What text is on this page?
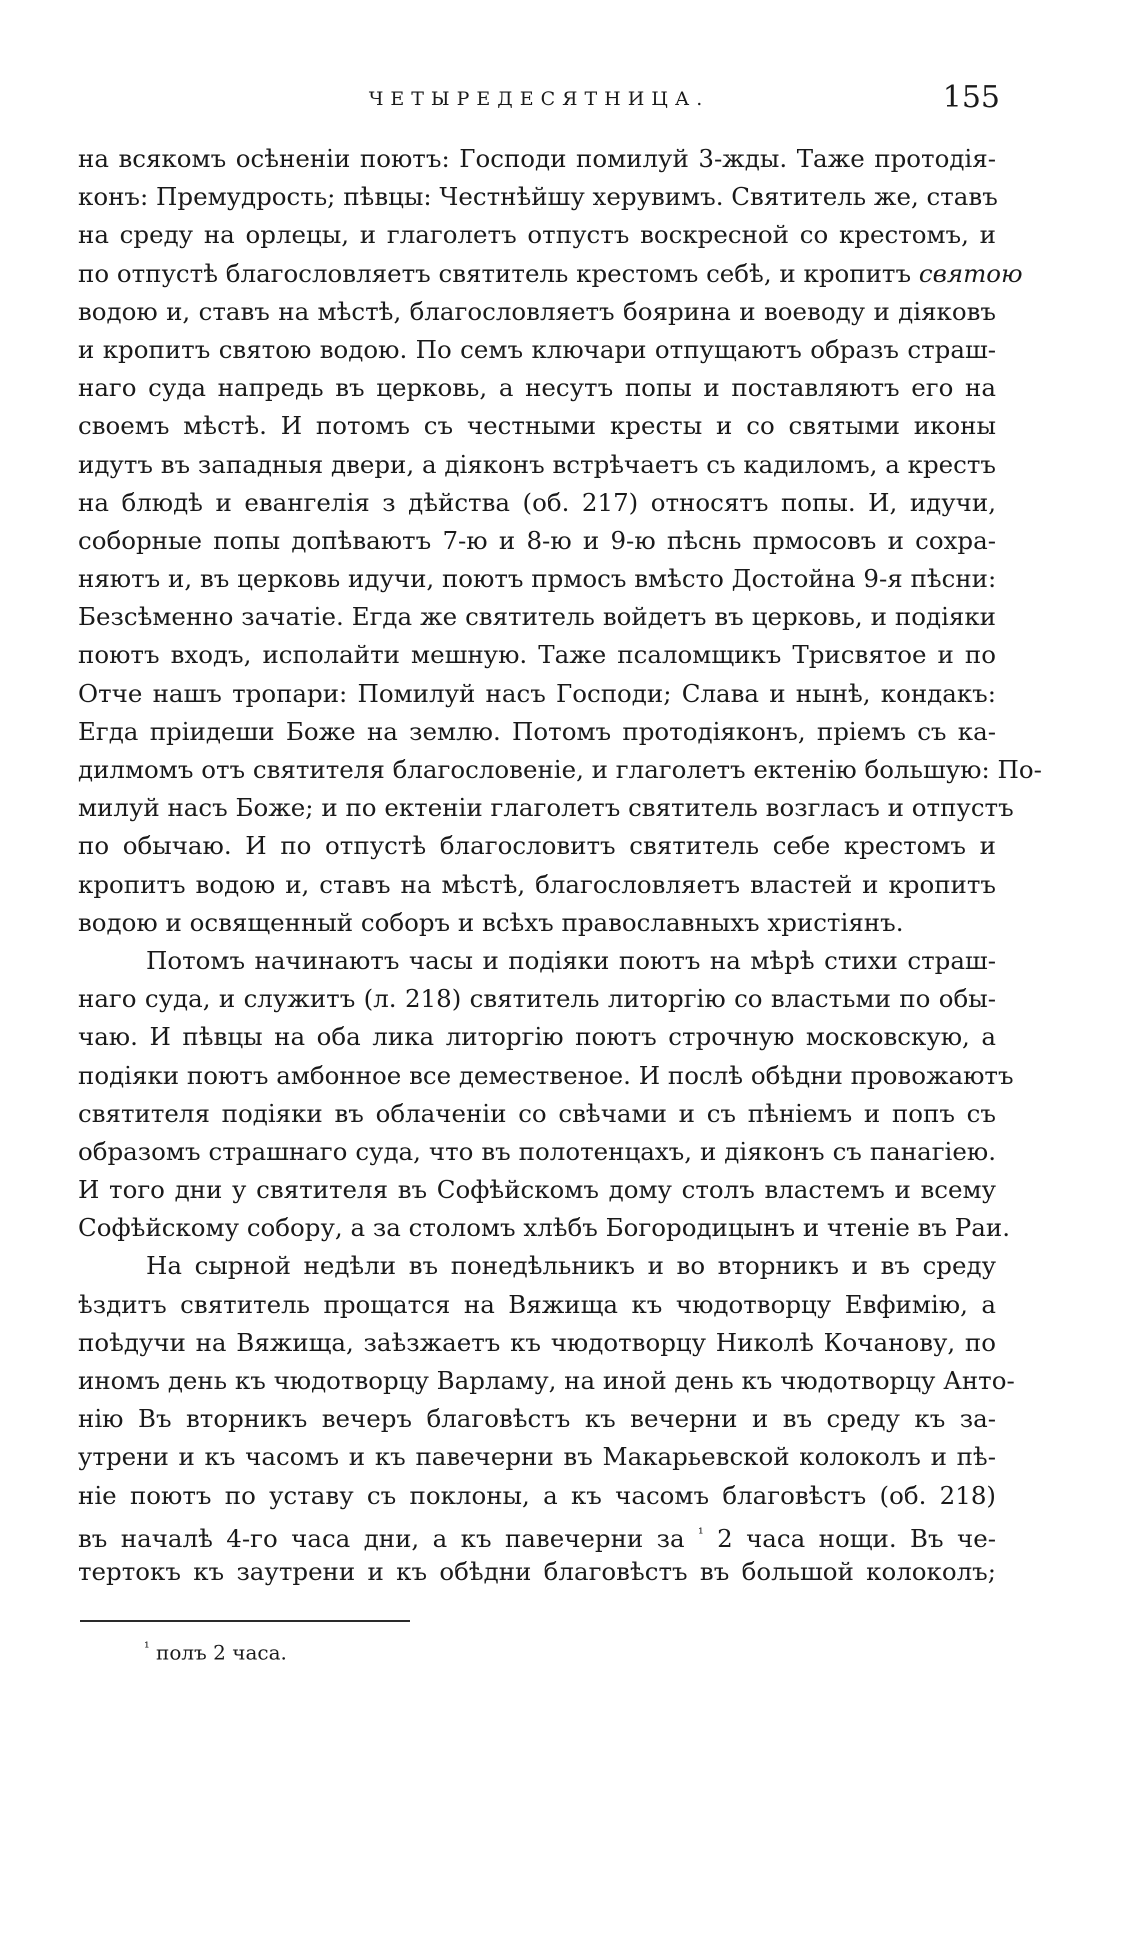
ЧЕТЫРЕДЕСЯТНИЦА.	155
на всякомъ осѣненіи поютъ: Господи помилуй 3-жды. Таже протодія-
конъ: Премудрость; пѣвцы: Честнѣйшу херувимъ. Святитель же, ставъ
на среду на орлецы, и глаголетъ отпустъ воскресной со крестомъ, и
по отпустѣ благословляетъ святитель крестомъ себѣ, и кропитъ святою
водою и, ставъ на мѣстѣ, благословляетъ боярина и воеводу и діяковъ
и кропитъ святою водою. По семъ ключари отпущаютъ образъ страш-
наго суда напредь въ церковь, а несутъ попы и поставляютъ его на
своемъ мѣстѣ. И потомъ съ честными кресты и со святыми иконы
идутъ въ западныя двери, а діяконъ встрѣчаетъ съ кадиломъ, а крестъ
на блюдѣ и евангелія з дѣйства (об. 217) относятъ попы. И, идучи,
соборные попы допѣваютъ 7-ю и 8-ю и 9-ю пѣснь прмосовъ и сохра-
няютъ и, въ церковь идучи, поютъ прмосъ вмѣсто Достойна 9-я пѣсни:
Безсѣменно зачатіе. Егда же святитель войдетъ въ церковь, и подіяки
поютъ входъ, исполайти мешную. Таже псаломщикъ Трисвятое и по
Отче нашъ тропари: Помилуй насъ Господи; Слава и нынѣ, кондакъ:
Егда пріидеши Боже на землю. Потомъ протодіяконъ, пріемъ съ ка-
дилмомъ отъ святителя благословеніе, и глаголетъ ектенію большую: По-
милуй насъ Боже; и по ектеніи глаголетъ святитель возгласъ и отпустъ
по обычаю. И по отпустѣ благословитъ святитель себе крестомъ и
кропитъ водою и, ставъ на мѣстѣ, благословляетъ властей и кропитъ
водою и освященный соборъ и всѣхъ православныхъ христіянъ.
Потомъ начинаютъ часы и подіяки поютъ на мѣрѣ стихи страш-
наго суда, и служитъ (л. 218) святитель литоргію со властьми по обы-
чаю. И пѣвцы на оба лика литоргію поютъ строчную московскую, а
подіяки поютъ амбонное все демественое. И послѣ обѣдни провожаютъ
святителя подіяки въ облаченіи со свѣчами и съ пѣніемъ и попъ съ
образомъ страшнаго суда, что въ полотенцахъ, и діяконъ съ панагіею.
И того дни у святителя въ Софѣйскомъ дому столъ властемъ и всему
Софѣйскому собору, а за столомъ хлѣбъ Богородицынъ и чтеніе въ Раи.
На сырной недѣли въ понедѣльникъ и во вторникъ и въ среду
ѣздитъ святитель прощатся на Вяжища къ чюдотворцу Евфимію, а
поѣдучи на Вяжища, заѣзжаетъ къ чюдотворцу Николѣ Кочанову, по
иномъ день къ чюдотворцу Варламу, на иной день къ чюдотворцу Анто-
нію Въ вторникъ вечеръ благовѣстъ къ вечерни и въ среду къ за-
утрени и къ часомъ и къ павечерни въ Макарьевской колоколъ и пѣ-
ніе поютъ по уставу съ поклоны, а къ часомъ благовѣстъ (об. 218)
въ началѣ 4-го часа дни, а къ павечерни за $^{^1}$ 2 часа нощи. Въ че-
тертокъ къ заутрени и къ обѣдни благовѣстъ въ большой колоколъ;
$^{^1}$ полъ 2 часа.
